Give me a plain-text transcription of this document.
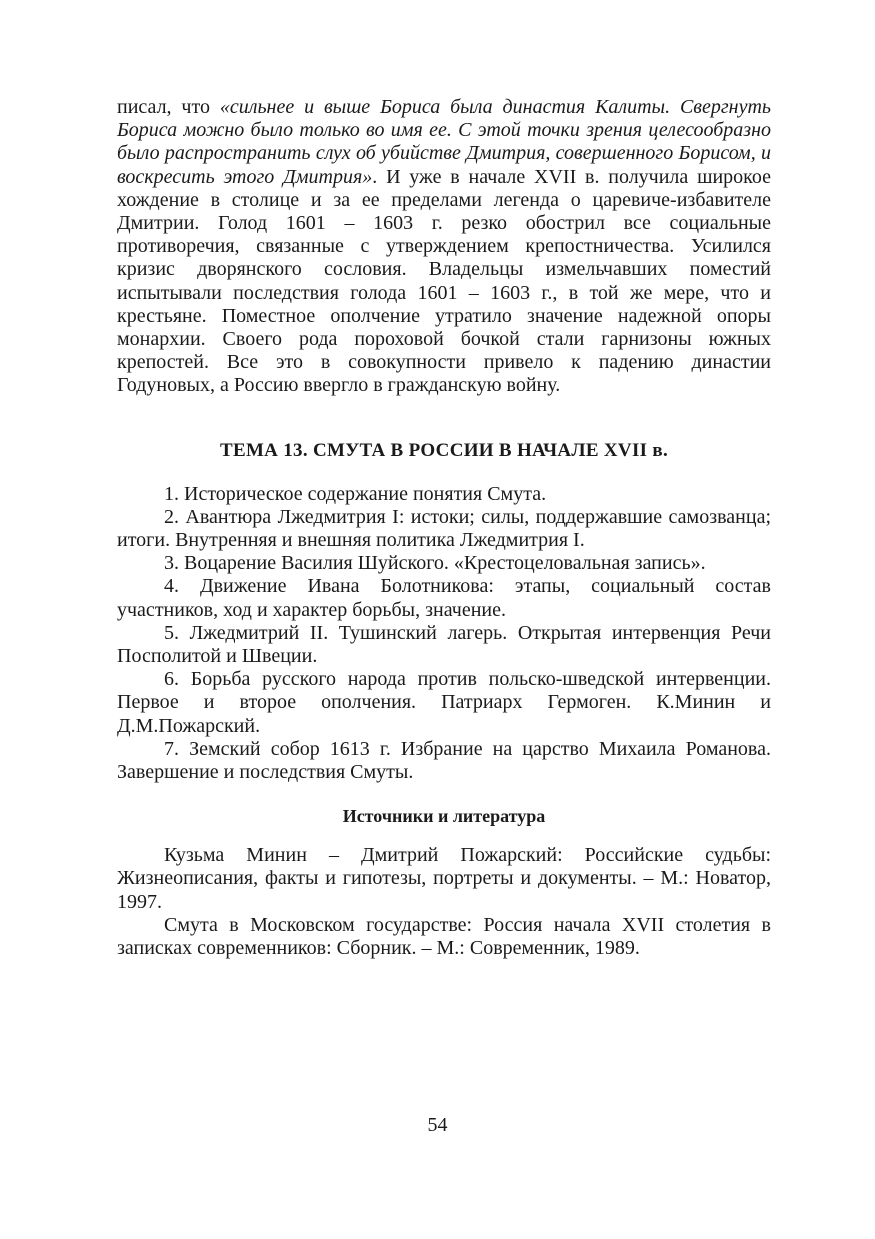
писал, что «сильнее и выше Бориса была династия Калиты. Свергнуть Бориса можно было только во имя ее. С этой точки зрения целесообразно было распространить слух об убийстве Дмитрия, совершенного Борисом, и воскресить этого Дмитрия». И уже в начале XVII в. получила широкое хождение в столице и за ее пределами легенда о царевиче-избавителе Дмитрии. Голод 1601 – 1603 г. резко обострил все социальные противоречия, связанные с утверждением крепостничества. Усилился кризис дворянского сословия. Владельцы измельчавших поместий испытывали последствия голода 1601 – 1603 г., в той же мере, что и крестьяне. Поместное ополчение утратило значение надежной опоры монархии. Своего рода пороховой бочкой стали гарнизоны южных крепостей. Все это в совокупности привело к падению династии Годуновых, а Россию ввергло в гражданскую войну.

ТЕМА 13. СМУТА В РОССИИ В НАЧАЛЕ XVII в.
1. Историческое содержание понятия Смута.
2. Авантюра Лжедмитрия I: истоки; силы, поддержавшие самозванца; итоги. Внутренняя и внешняя политика Лжедмитрия I.
3. Воцарение Василия Шуйского. «Крестоцеловальная запись».
4. Движение Ивана Болотникова: этапы, социальный состав участников, ход и характер борьбы, значение.
5. Лжедмитрий II. Тушинский лагерь. Открытая интервенция Речи Посполитой и Швеции.
6. Борьба русского народа против польско-шведской интервенции. Первое и второе ополчения. Патриарх Гермоген. К.Минин и Д.М.Пожарский.
7. Земский собор 1613 г. Избрание на царство Михаила Романова. Завершение и последствия Смуты.
Источники и литература

Кузьма Минин – Дмитрий Пожарский: Российские судьбы: Жизнеописания, факты и гипотезы, портреты и документы. – М.: Новатор, 1997.

Смута в Московском государстве: Россия начала XVII столетия в записках современников: Сборник. – М.: Современник, 1989.

54
